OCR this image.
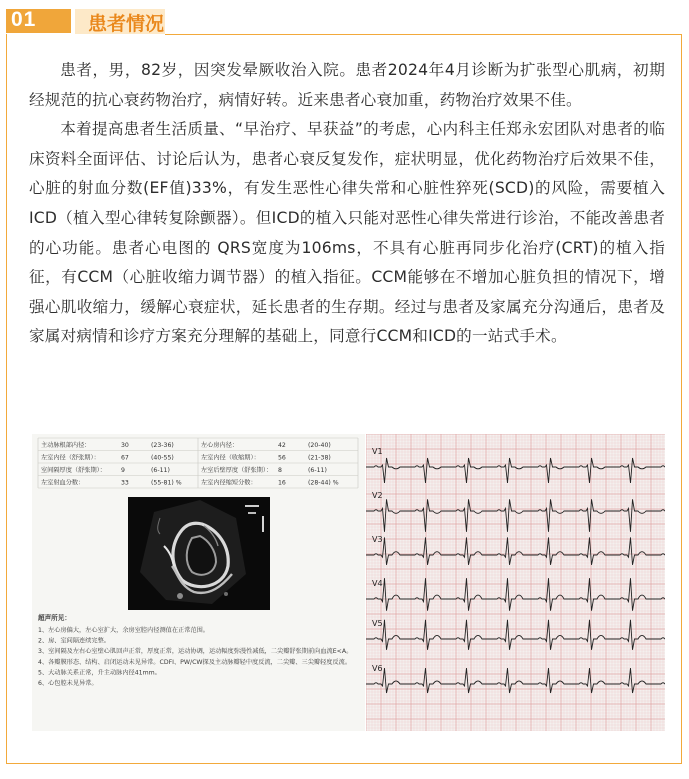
01	患者情况

患者，男，82岁，因突发晕厥收治入院。患者2024年4月诊断为扩张型心肌病，初期经规范的抗心衰药物治疗，病情好转。近来患者心衰加重，药物治疗效果不佳。

本着提高患者生活质量、“早治疗、早获益”的考虑，心内科主任郑永宏团队对患者的临床资料全面评估、讨论后认为，患者心衰反复发作，症状明显，优化药物治疗后效果不佳，心脏的射血分数(EF值)33%，有发生恶性心律失常和心脏性猝死(SCD)的风险，需要植入ICD（植入型心律转复除颤器）。但ICD的植入只能对恶性心律失常进行诊治，不能改善患者的心功能。患者心电图的 QRS宽度为106ms，不具有心脏再同步化治疗(CRT)的植入指征，有CCM（心脏收缩力调节器）的植入指征。CCM能够在不增加心脏负担的情况下，增强心肌收缩力，缓解心衰症状，延长患者的生存期。经过与患者及家属充分沟通后，患者及家属对病情和诊疗方案充分理解的基础上，同意行CCM和ICD的一站式手术。

主动脉根部内径：	30	(23-36)	左心房内径：	42	(20-40)
左室内径（舒张期）：	67	(40-55)	左室内径（收缩期）：	56	(21-38)
室间隔厚度（舒张期）： 9	(6-11)	左室后壁厚度（舒张期）： 8	(6-11)
左室射血分数：	33	(55-81) %	左室内径缩短分数：	16	(28-44) %
超声所见：
1、左心房偏大，左心室扩大，余房室腔内径测值在正常范围。
2、房、室间隔连续完整。
3、室间隔及左右心室壁心肌回声正常，厚度正常，运动协调，运动幅度弥漫性减低，二尖瓣舒张期前向血流E<A。
4、各瓣膜形态、结构、启闭运动未见异常。CDFI、PW/CW探及主动脉瓣轻中度反流，二尖瓣、三尖瓣轻度反流。
5、大动脉关系正常，升主动脉内径41mm。
6、心包腔未见异常。
V1
V2
V3
V4
V5
V6
